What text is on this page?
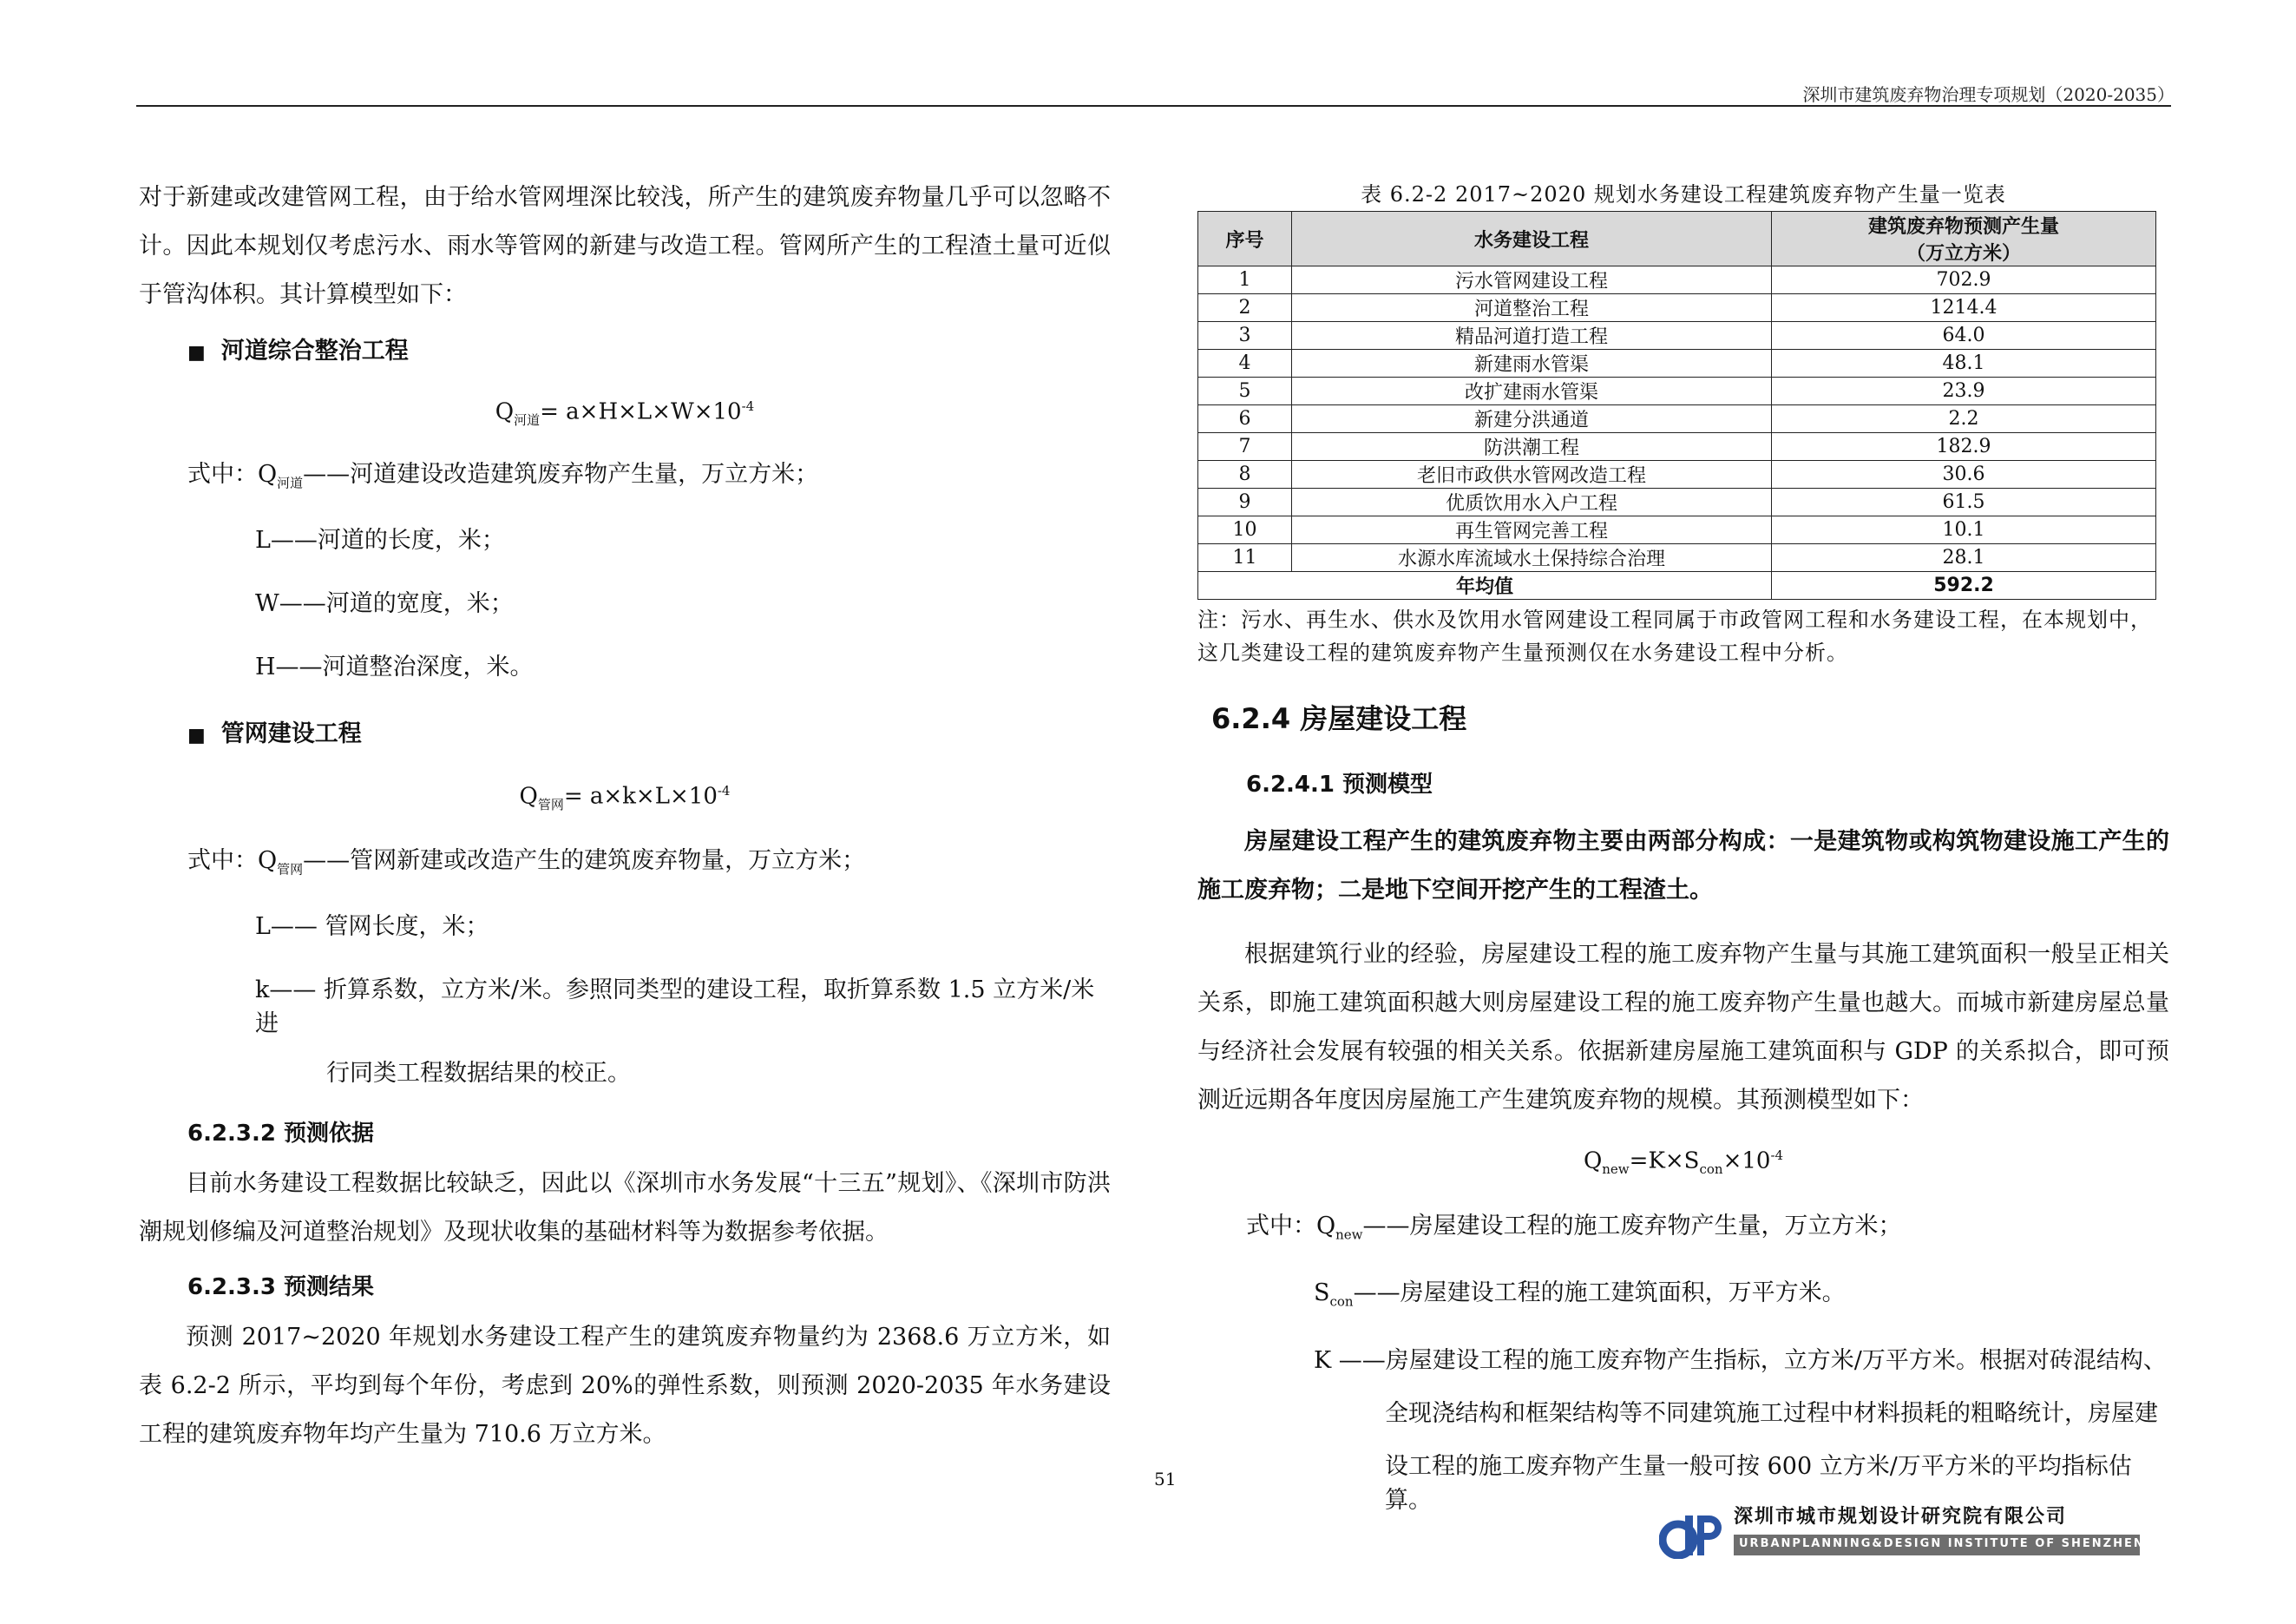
深圳市建筑废弃物治理专项规划（2020-2035）

对于新建或改建管网工程，由于给水管网埋深比较浅，所产生的建筑废弃物量几乎可以忽略不计。因此本规划仅考虑污水、雨水等管网的新建与改造工程。管网所产生的工程渣土量可近似于管沟体积。其计算模型如下：

■ 河道综合整治工程

$Q_{河道}= a\times H\times L\times W\times 10^{-4}$

式中：$Q_{河道}——$河道建设改造建筑废弃物产生量，万立方米；

L——河道的长度，米；

W——河道的宽度，米；

H——河道整治深度，米。

■ 管网建设工程

$Q_{管网}= a\times k\times L\times 10^{-4}$

式中：$Q_{管网}——$管网新建或改造产生的建筑废弃物量，万立方米；

L—— 管网长度，米；

k—— 折算系数，立方米/米。参照同类型的建设工程，取折算系数 1.5 立方米/米进

行同类工程数据结果的校正。

6.2.3.2 预测依据

目前水务建设工程数据比较缺乏，因此以《深圳市水务发展“十三五”规划》、《深圳市防洪潮规划修编及河道整治规划》及现状收集的基础材料等为数据参考依据。

6.2.3.3 预测结果

预测 2017~2020 年规划水务建设工程产生的建筑废弃物量约为 2368.6 万立方米，如表 6.2-2 所示，平均到每个年份，考虑到 20%的弹性系数，则预测 2020-2035 年水务建设工程的建筑废弃物年均产生量为 710.6 万立方米。

表 6.2-2 2017~2020 规划水务建设工程建筑废弃物产生量一览表

序号	水务建设工程	建筑废弃物预测产生量
（万立方米）

1	污水管网建设工程	702.9
2	河道整治工程	1214.4
3	精品河道打造工程	64.0
4	新建雨水管渠	48.1
5	改扩建雨水管渠	23.9
6	新建分洪通道	2.2
7	防洪潮工程	182.9
8	老旧市政供水管网改造工程	30.6
9	优质饮用水入户工程	61.5
10	再生管网完善工程	10.1
11	水源水库流域水土保持综合治理	28.1
年均值		592.2

注：污水、再生水、供水及饮用水管网建设工程同属于市政管网工程和水务建设工程，在本规划中，这几类建设工程的建筑废弃物产生量预测仅在水务建设工程中分析。

6.2.4 房屋建设工程

6.2.4.1 预测模型

房屋建设工程产生的建筑废弃物主要由两部分构成：一是建筑物或构筑物建设施工产生的施工废弃物；二是地下空间开挖产生的工程渣土。

根据建筑行业的经验，房屋建设工程的施工废弃物产生量与其施工建筑面积一般呈正相关关系，即施工建筑面积越大则房屋建设工程的施工废弃物产生量也越大。而城市新建房屋总量与经济社会发展有较强的相关关系。依据新建房屋施工建筑面积与 GDP 的关系拟合，即可预测近远期各年度因房屋施工产生建筑废弃物的规模。其预测模型如下：

$Q_{new}=K\times S_{con}\times 10^{-4}$

式中：$Q_{new}——$房屋建设工程的施工废弃物产生量，万立方米；

$S_{con}——$房屋建设工程的施工建筑面积，万平方米。

K ——房屋建设工程的施工废弃物产生指标，立方米/万平方米。根据对砖混结构、

全现浇结构和框架结构等不同建筑施工过程中材料损耗的粗略统计，房屋建

设工程的施工废弃物产生量一般可按 600 立方米/万平方米的平均指标估算。

51
深圳市城市规划设计研究院有限公司
URBANPLANNING&DESIGN INSTITUTE OF SHENZHEN
